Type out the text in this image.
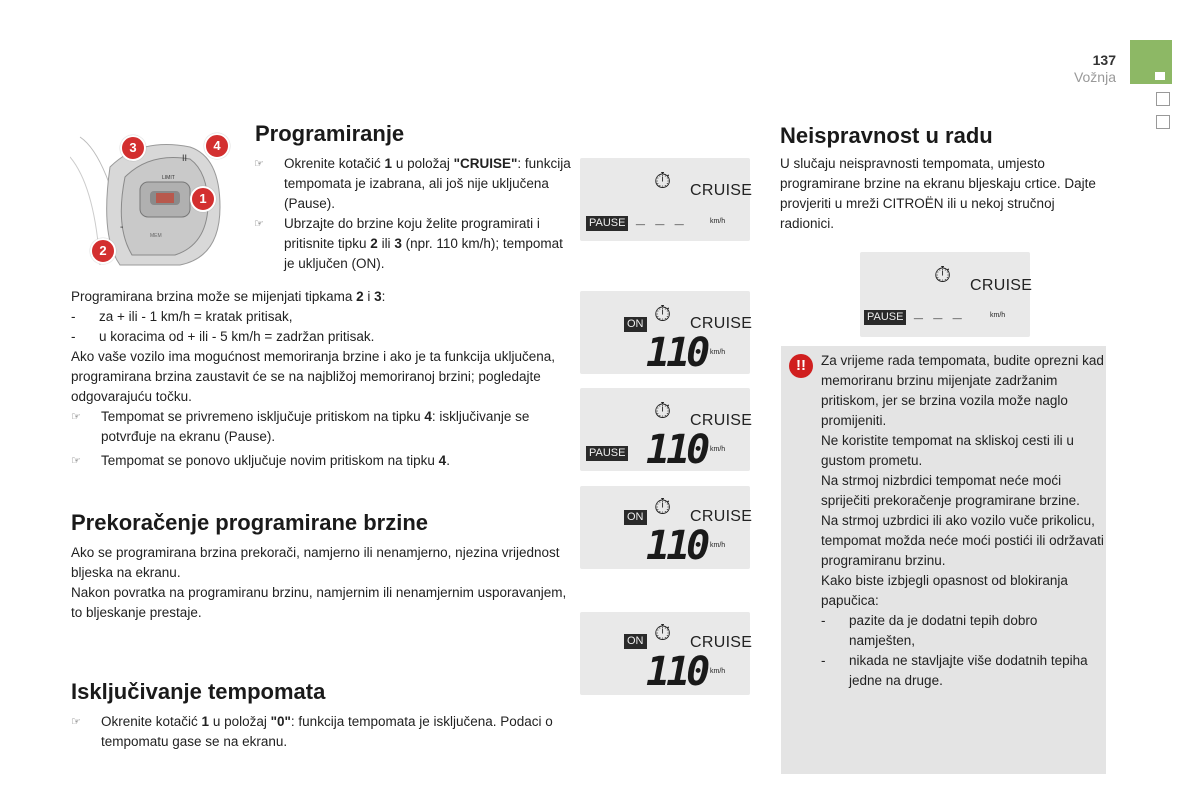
137
Vožnja
LIMIT
II
-
MEM
3	4
1
2
Programiranje
☞ Okrenite kotačić 1 u položaj "CRUISE": funkcija tempomata je izabrana, ali još nije uključena (Pause).
☞ Ubrzajte do brzine koju želite programirati i pritisnite tipku 2 ili 3 (npr. 110 km/h); tempomat je uključen (ON).

Programirana brzina može se mijenjati tipkama 2 i 3:

- za + ili - 1 km/h = kratak pritisak,
- u koracima od + ili - 5 km/h = zadržan pritisak.

Ako vaše vozilo ima mogućnost memoriranja brzine i ako je ta funkcija uključena, programirana brzina zaustavit će se na najbližoj memoriranoj brzini; pogledajte odgovarajuću točku.

☞ Tempomat se privremeno isključuje pritiskom na tipku 4: isključivanje se potvrđuje na ekranu (Pause).
☞ Tempomat se ponovo uključuje novim pritiskom na tipku 4.
Prekoračenje programirane brzine

Ako se programirana brzina prekorači, namjerno ili nenamjerno, njezina vrijednost bljeska na ekranu.

Nakon povratka na programiranu brzinu, namjernim ili nenamjernim usporavanjem, to bljeskanje prestaje.

Isključivanje tempomata
☞ Okrenite kotačić 1 u položaj "0": funkcija tempomata je isključena. Podaci o tempomatu gase se na ekranu.
⏱ CRUISE
PAUSE _ _ _	km/h
ON ⏱ CRUISE
110 km/h
⏱ CRUISE
PAUSE 110 km/h
ON ⏱ CRUISE
110 km/h
ON ⏱ CRUISE
110 km/h
Neispravnost u radu

U slučaju neispravnosti tempomata, umjesto programirane brzine na ekranu bljeskaju crtice. Dajte provjeriti u mreži CITROËN ili u nekoj stručnoj radionici.

⏱ CRUISE
PAUSE _ _ _	km/h
!!	Za vrijeme rada tempomata, budite oprezni kad memoriranu brzinu mijenjate zadržanim pritiskom, jer se brzina vozila može naglo promijeniti.
Ne koristite tempomat na skliskoj cesti ili u gustom prometu.
Na strmoj nizbrdici tempomat neće moći spriječiti prekoračenje programirane brzine.
Na strmoj uzbrdici ili ako vozilo vuče prikolicu, tempomat možda neće moći postići ili održavati programiranu brzinu.
Kako biste izbjegli opasnost od blokiranja papučica:

- pazite da je dodatni tepih dobro namješten,
- nikada ne stavljajte više dodatnih tepiha jedne na druge.
